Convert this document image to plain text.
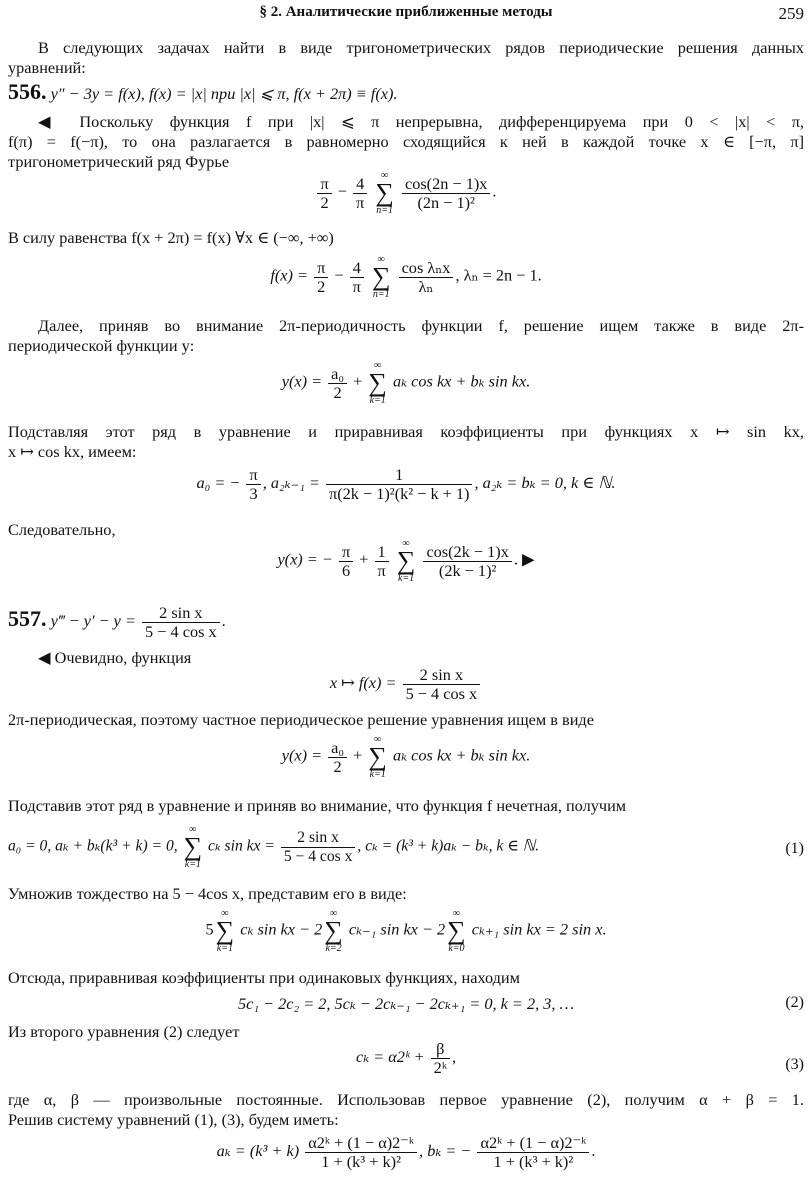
§ 2. Аналитические приближенные методы	259
В следующих задачах найти в виде тригонометрических рядов периодические решения данных
уравнений:
556. y″ − 3y = f(x), f(x) = |x| при |x| ⩽ π, f(x + 2π) ≡ f(x).
◀ Поскольку функция f при |x| ⩽ π непрерывна, дифференцируема при 0 < |x| < π,
f(π) = f(−π), то она разлагается в равномерно сходящийся к ней в каждой точке x ∈ [−π, π]
тригонометрический ряд Фурье
$\frac{\pi}{2} - \frac{4}{\pi}$
	∞
∑
n=1
$\frac{\cos(2n - 1)x}{\text{(2n − 1)²}}$ .
В силу равенства f(x + 2π) = f(x) ∀x ∈ (−∞, +∞)
$f(x) = \frac{\pi}{2} - \frac{4}{\pi}$
	∞
∑
n=1
$\frac{\text{cos λₙx}}{\text{λₙ}}$ , λₙ = 2n − 1.
Далее, приняв во внимание 2π-периодичность функции f, решение ищем также в виде 2π-
периодической функции y:
$y(x) = \frac{\text{a₀}}{2}$ +
∞
∑
k=1
aₖ cos kx + bₖ sin kx.
Подставляя этот ряд в уравнение и приравнивая коэффициенты при функциях x ↦ sin kx,
x ↦ cos kx, имеем:
a₀ = − $\frac{\pi}{3}$ , $a_{2k-1} = \frac{1}{\text{π(2k − 1)²(k² − k + 1)}}$ , a₂ₖ = bₖ = 0, k ∈ ℕ.
Следовательно,
y(x) = − $\frac{\pi}{6} + \frac{1}{\pi}$
	∞
∑
k=1
$\frac{\cos(2k - 1)x}{\text{(2k − 1)²}}$ . ▶
557. y‴ − $y' - y = \frac{\text{2 sin x}}{\text{5 − 4 cos x}}$ .
◀ Очевидно, функция
x ↦ $f(x) = \frac{\text{2 sin x}}{\text{5 − 4 cos x}}$
2π-периодическая, поэтому частное периодическое решение уравнения ищем в виде
$y(x) = \frac{\text{a₀}}{2}$ +
∞
∑
k=1
aₖ cos kx + bₖ sin kx.
Подставив этот ряд в уравнение и приняв во внимание, что функция f нечетная, получим
a₀ = 0, aₖ + bₖ(k³ + k) = 0,
∞
∑
k=1
cₖ sin kx = $\frac{\text{2 sin x}}{\text{5 − 4 cos x}}$ , cₖ = (k³ + k)aₖ − bₖ, k ∈ ℕ.	(1)
Умножив тождество на 5 − 4cos x, представим его в виде:
5
∞
∑
k=1
cₖ sin kx − 2
∞
∑
k=2
cₖ₋₁ sin kx − 2
∞
∑
k=0
cₖ₊₁ sin kx = 2 sin x.
Отсюда, приравнивая коэффициенты при одинаковых функциях, находим
5c₁ − 2c₂ = 2, 5cₖ − 2cₖ₋₁ − 2cₖ₊₁ = 0, k = 2, 3, …	(2)
Из второго уравнения (2) следует
cₖ = α2ᵏ + $\frac{\beta}{\text{2ᵏ}}$ ,	(3)
где α, β — произвольные постоянные. Использовав первое уравнение (2), получим α + β = 1.
Решив систему уравнений (1), (3), будем иметь:
$a_k = (k^3 + k) \frac{\text{α2ᵏ + (1 − α)2⁻ᵏ}}{\text{1 + (k³ + k)²}}$ , bₖ = − $\frac{\text{α2ᵏ + (1 − α)2⁻ᵏ}}{\text{1 + (k³ + k)²}}$ .
